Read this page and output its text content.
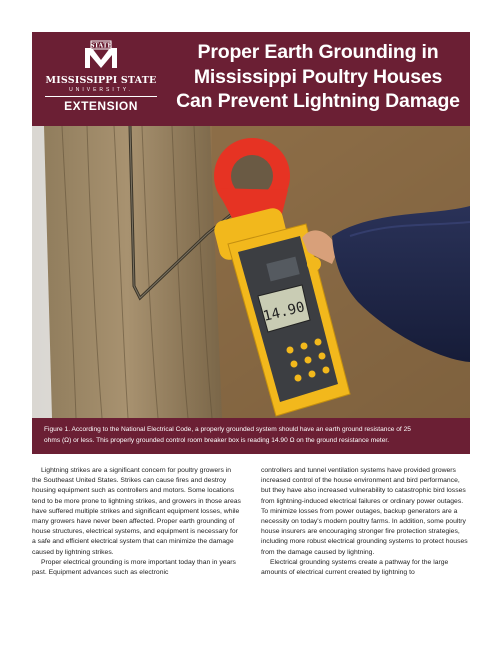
STATE
MISSISSIPPI STATE
UNIVERSITY.
EXTENSION
Proper Earth Grounding in
Mississippi Poultry Houses
Can Prevent Lightning Damage
14.90

Figure 1. According to the National Electrical Code, a properly grounded system should have an earth ground resistance of 25
ohms (Ω) or less. This properly grounded control room breaker box is reading 14.90 Ω on the ground resistance meter.

Lightning strikes are a significant concern for poultry growers in the Southeast United States. Strikes can cause fires and destroy housing equipment such as controllers and motors. Some locations tend to be more prone to lightning strikes, and growers in those areas have suffered multiple strikes and significant equipment losses, while many growers have never been affected. Proper earth grounding of house structures, electrical systems, and equipment is necessary for a safe and efficient electrical system that can minimize the damage caused by lightning strikes.

Proper electrical grounding is more important today than in years past. Equipment advances such as electronic

controllers and tunnel ventilation systems have provided growers increased control of the house environment and bird performance, but they have also increased vulnerability to catastrophic bird losses from lightning-induced electrical failures or ordinary power outages. To minimize losses from power outages, backup generators are a necessity on today's modern poultry farms. In addition, some poultry house insurers are encouraging stronger fire protection strategies, including more robust electrical grounding systems to protect houses from the damage caused by lightning.

Electrical grounding systems create a pathway for the large amounts of electrical current created by lightning to
